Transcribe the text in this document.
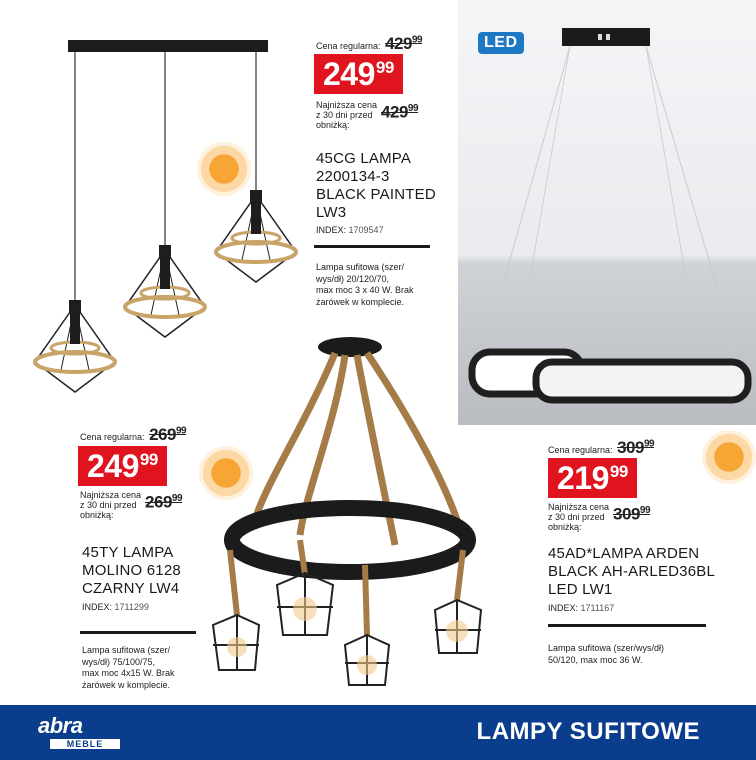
Cena regularna: $429^{99}$
$249^{99}$
Najniższa cena
z 30 dni przed
obniżką:
$429^{99}$
45CG LAMPA
2200134-3
BLACK PAINTED
LW3
INDEX: 1709547
Lampa sufitowa (szer/
wys/dł) 20/120/70,
max moc 3 x 40 W. Brak
żarówek w komplecie.
LED
Cena regularna: $269^{99}$
$249^{99}$
Najniższa cena
z 30 dni przed
obniżką:
$269^{99}$
45TY LAMPA
MOLINO 6128
CZARNY LW4
INDEX: 1711299
Lampa sufitowa (szer/
wys/dł) 75/100/75,
max moc 4x15 W. Brak
żarówek w komplecie.
Cena regularna: $309^{99}$
$219^{99}$
Najniższa cena
z 30 dni przed
obniżką:
$309^{99}$
45AD*LAMPA ARDEN
BLACK AH-ARLED36BL
LED LW1
INDEX: 1711167
Lampa sufitowa (szer/wys/dł)
50/120, max moc 36 W.
abra
MEBLE	LAMPY SUFITOWE
